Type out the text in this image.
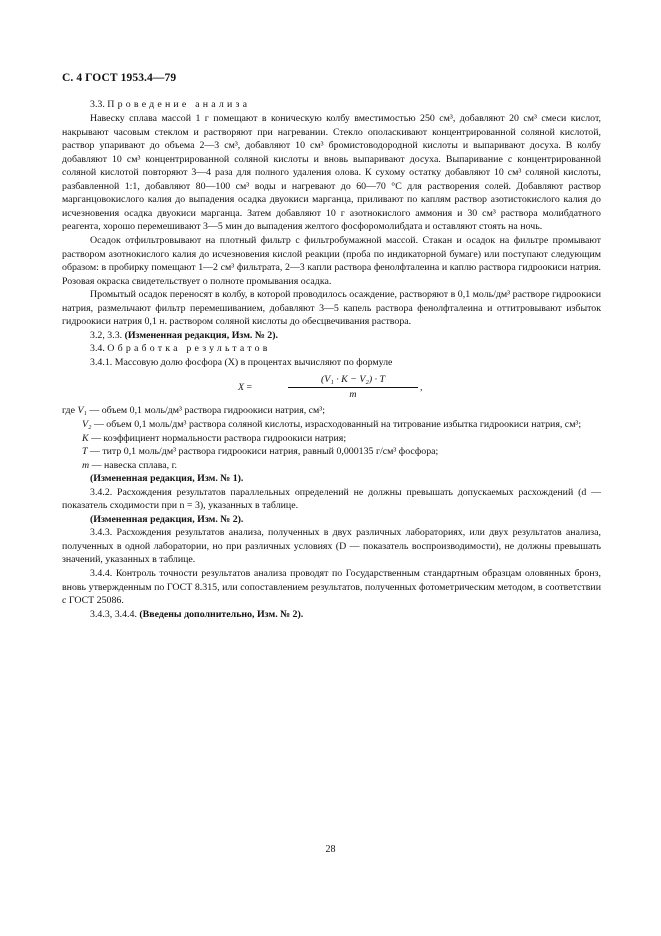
С. 4 ГОСТ 1953.4—79

3.3. Проведение анализа

Навеску сплава массой 1 г помещают в коническую колбу вместимостью 250 см³, добавляют 20 см³ смеси кислот, накрывают часовым стеклом и растворяют при нагревании. Стекло ополаскивают концентрированной соляной кислотой, раствор упаривают до объема 2—3 см³, добавляют 10 см³ бромистоводородной кислоты и выпаривают досуха. В колбу добавляют 10 см³ концентрированной соляной кислоты и вновь выпаривают досуха. Выпаривание с концентрированной соляной кислотой повторяют 3—4 раза для полного удаления олова. К сухому остатку добавляют 10 см³ соляной кислоты, разбавленной 1:1, добавляют 80—100 см³ воды и нагревают до 60—70 °С для растворения солей. Добавляют раствор марганцовокислого калия до выпадения осадка двуокиси марганца, приливают по каплям раствор азотистокислого калия до исчезновения осадка двуокиси марганца. Затем добавляют 10 г азотнокислого аммония и 30 см³ раствора молибдатного реагента, хорошо перемешивают 3—5 мин до выпадения желтого фосфоромолибдата и оставляют стоять на ночь.

Осадок отфильтровывают на плотный фильтр с фильтробумажной массой. Стакан и осадок на фильтре промывают раствором азотнокислого калия до исчезновения кислой реакции (проба по индикаторной бумаге) или поступают следующим образом: в пробирку помещают 1—2 см³ фильтрата, 2—3 капли раствора фенолфталеина и каплю раствора гидроокиси натрия. Розовая окраска свидетельствует о полноте промывания осадка.

Промытый осадок переносят в колбу, в которой проводилось осаждение, растворяют в 0,1 моль/дм³ растворе гидроокиси натрия, размельчают фильтр перемешиванием, добавляют 3—5 капель раствора фенолфталеина и оттитровывают избыток гидроокиси натрия 0,1 н. раствором соляной кислоты до обесцвечивания раствора.

3.2, 3.3. (Измененная редакция, Изм. № 2).

3.4. Обработка результатов

3.4.1. Массовую долю фосфора (X) в процентах вычисляют по формуле

X =
(V₁ · K − V₂) · T
m
,
где V₁ — объем 0,1 моль/дм³ раствора гидроокиси натрия, см³;
V₂ — объем 0,1 моль/дм³ раствора соляной кислоты, израсходованный на титрование избытка гидроокиси натрия, см³;
K — коэффициент нормальности раствора гидроокиси натрия;
T — титр 0,1 моль/дм³ раствора гидроокиси натрия, равный 0,000135 г/см³ фосфора;
m — навеска сплава, г.

(Измененная редакция, Изм. № 1).

3.4.2. Расхождения результатов параллельных определений не должны превышать допускаемых расхождений (d — показатель сходимости при n = 3), указанных в таблице.

(Измененная редакция, Изм. № 2).

3.4.3. Расхождения результатов анализа, полученных в двух различных лабораториях, или двух результатов анализа, полученных в одной лаборатории, но при различных условиях (D — показатель воспроизводимости), не должны превышать значений, указанных в таблице.

3.4.4. Контроль точности результатов анализа проводят по Государственным стандартным образцам оловянных бронз, вновь утвержденным по ГОСТ 8.315, или сопоставлением результатов, полученных фотометрическим методом, в соответствии с ГОСТ 25086.

3.4.3, 3.4.4. (Введены дополнительно, Изм. № 2).

28
